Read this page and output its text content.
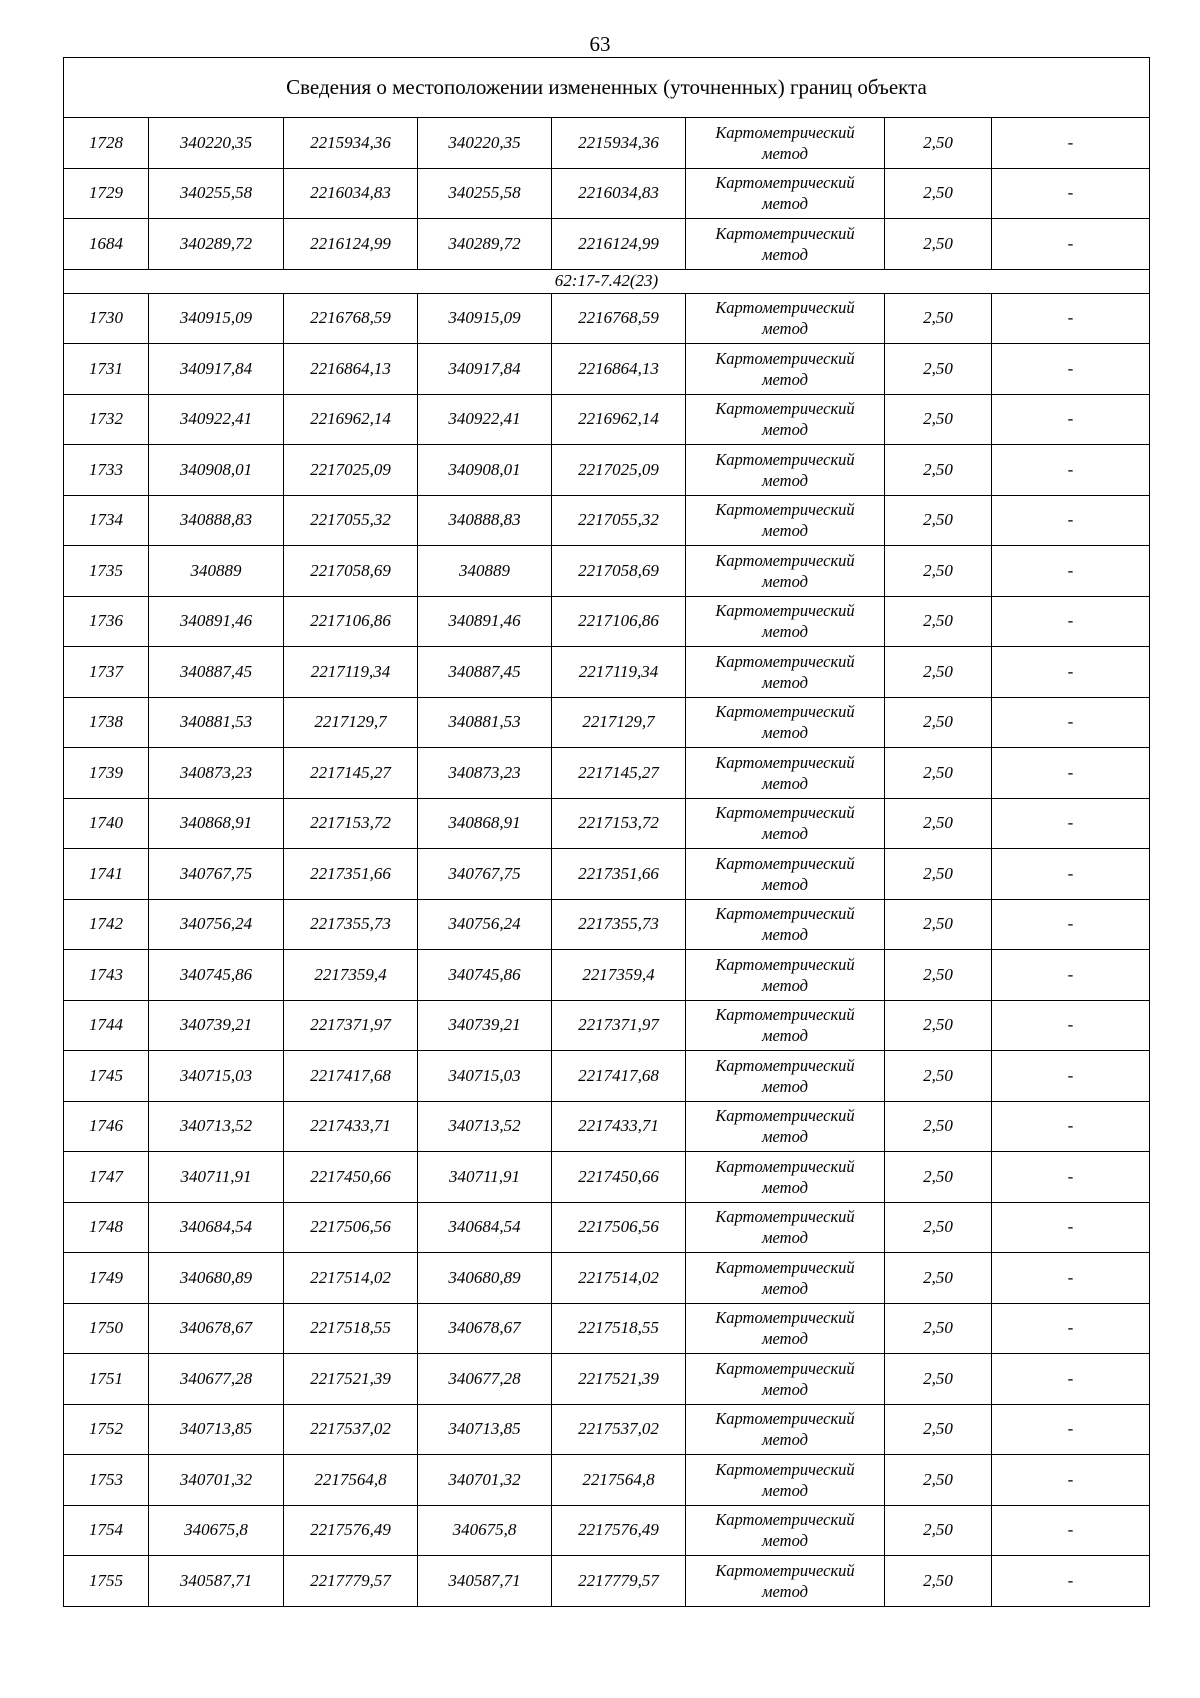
63
Сведения о местоположении измененных (уточненных) границ объекта							
1728	340220,35	2215934,36	340220,35	2215934,36	Картометрический
метод	2,50	-
1729	340255,58	2216034,83	340255,58	2216034,83	Картометрический
метод	2,50	-
1684	340289,72	2216124,99	340289,72	2216124,99	Картометрический
метод	2,50	-
62:17-7.42(23)							
1730	340915,09	2216768,59	340915,09	2216768,59	Картометрический
метод	2,50	-
1731	340917,84	2216864,13	340917,84	2216864,13	Картометрический
метод	2,50	-
1732	340922,41	2216962,14	340922,41	2216962,14	Картометрический
метод	2,50	-
1733	340908,01	2217025,09	340908,01	2217025,09	Картометрический
метод	2,50	-
1734	340888,83	2217055,32	340888,83	2217055,32	Картометрический
метод	2,50	-
1735	340889	2217058,69	340889	2217058,69	Картометрический
метод	2,50	-
1736	340891,46	2217106,86	340891,46	2217106,86	Картометрический
метод	2,50	-
1737	340887,45	2217119,34	340887,45	2217119,34	Картометрический
метод	2,50	-
1738	340881,53	2217129,7	340881,53	2217129,7	Картометрический
метод	2,50	-
1739	340873,23	2217145,27	340873,23	2217145,27	Картометрический
метод	2,50	-
1740	340868,91	2217153,72	340868,91	2217153,72	Картометрический
метод	2,50	-
1741	340767,75	2217351,66	340767,75	2217351,66	Картометрический
метод	2,50	-
1742	340756,24	2217355,73	340756,24	2217355,73	Картометрический
метод	2,50	-
1743	340745,86	2217359,4	340745,86	2217359,4	Картометрический
метод	2,50	-
1744	340739,21	2217371,97	340739,21	2217371,97	Картометрический
метод	2,50	-
1745	340715,03	2217417,68	340715,03	2217417,68	Картометрический
метод	2,50	-
1746	340713,52	2217433,71	340713,52	2217433,71	Картометрический
метод	2,50	-
1747	340711,91	2217450,66	340711,91	2217450,66	Картометрический
метод	2,50	-
1748	340684,54	2217506,56	340684,54	2217506,56	Картометрический
метод	2,50	-
1749	340680,89	2217514,02	340680,89	2217514,02	Картометрический
метод	2,50	-
1750	340678,67	2217518,55	340678,67	2217518,55	Картометрический
метод	2,50	-
1751	340677,28	2217521,39	340677,28	2217521,39	Картометрический
метод	2,50	-
1752	340713,85	2217537,02	340713,85	2217537,02	Картометрический
метод	2,50	-
1753	340701,32	2217564,8	340701,32	2217564,8	Картометрический
метод	2,50	-
1754	340675,8	2217576,49	340675,8	2217576,49	Картометрический
метод	2,50	-
1755	340587,71	2217779,57	340587,71	2217779,57	Картометрический
метод	2,50	-
